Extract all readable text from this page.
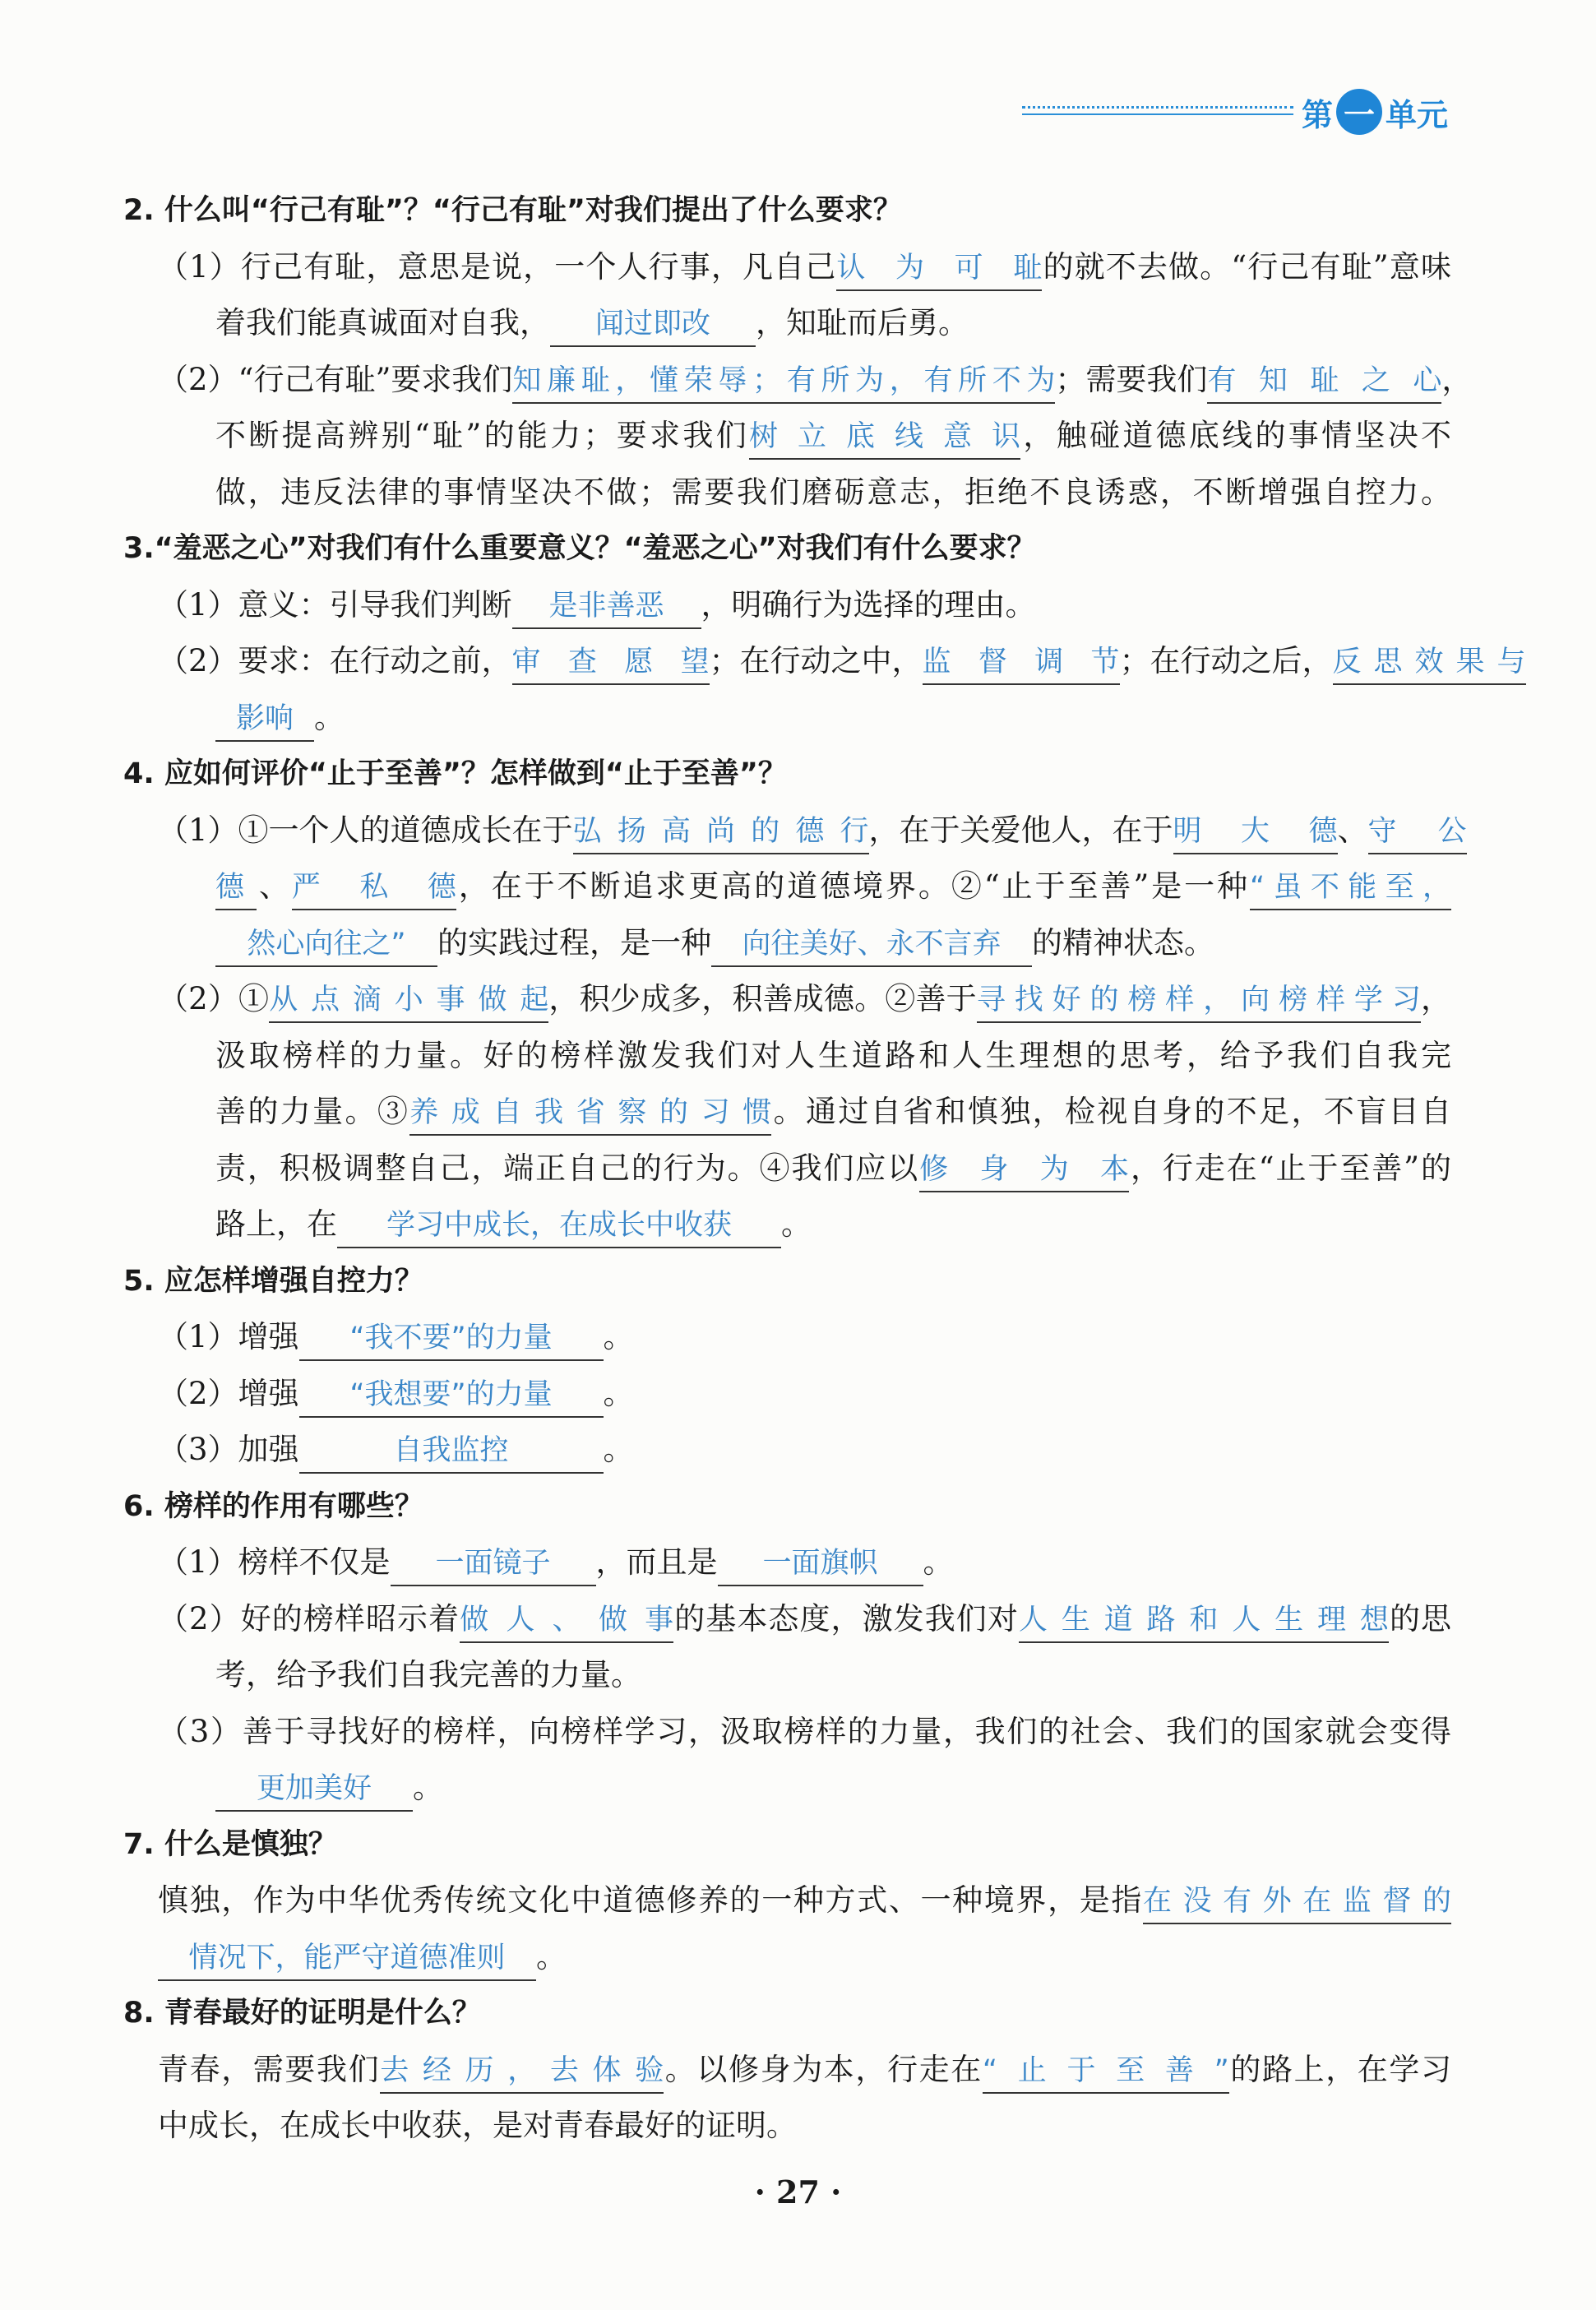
第 一 单元
2. 什么叫“行己有耻”？“行己有耻”对我们提出了什么要求？
（1）行己有耻，意思是说，一个人行事，凡自己认为可耻的就不去做。“行己有耻”意味
着我们能真诚面对自我， 闻过即改 ，知耻而后勇。
（2）“行己有耻”要求我们知廉耻，懂荣辱；有所为，有所不为；需要我们有知耻之心，
不断提高辨别“耻”的能力；要求我们树立底线意识，触碰道德底线的事情坚决不
做，违反法律的事情坚决不做；需要我们磨砺意志，拒绝不良诱惑，不断增强自控力。
3.“羞恶之心”对我们有什么重要意义？“羞恶之心”对我们有什么要求？
（1）意义：引导我们判断 是非善恶 ，明确行为选择的理由。
（2）要求：在行动之前，审查愿望；在行动之中，监督调节；在行动之后，反思效果与
影响 。
4. 应如何评价“止于至善”？怎样做到“止于至善”？
（1）①一个人的道德成长在于弘扬高尚的德行，在于关爱他人，在于明大德、守公
德 、严私德，在于不断追求更高的道德境界。②“止于至善”是一种“虽不能至，
然心向往之” 的实践过程，是一种 向往美好、永不言弃 的精神状态。
（2）①从点滴小事做起，积少成多，积善成德。②善于寻找好的榜样，向榜样学习，
汲取榜样的力量。好的榜样激发我们对人生道路和人生理想的思考，给予我们自我完
善的力量。③养成自我省察的习惯。通过自省和慎独，检视自身的不足，不盲目自
责，积极调整自己，端正自己的行为。④我们应以修身为本，行走在“止于至善”的
路上，在 学习中成长，在成长中收获 。
5. 应怎样增强自控力？
（1）增强 “我不要”的力量 。
（2）增强 “我想要”的力量 。
（3）加强	自我监控	。
6. 榜样的作用有哪些？
（1）榜样不仅是 一面镜子 ，而且是 一面旗帜 。
（2）好的榜样昭示着做人、做事的基本态度，激发我们对人生道路和人生理想的思
考，给予我们自我完善的力量。
（3）善于寻找好的榜样，向榜样学习，汲取榜样的力量，我们的社会、我们的国家就会变得
更加美好 。
7. 什么是慎独？
慎独，作为中华优秀传统文化中道德修养的一种方式、一种境界，是指在没有外在监督的
情况下，能严守道德准则 。
8. 青春最好的证明是什么？
青春，需要我们去经历，去体验。以修身为本，行走在“止于至善”的路上，在学习
中成长，在成长中收获，是对青春最好的证明。
· 27 ·
